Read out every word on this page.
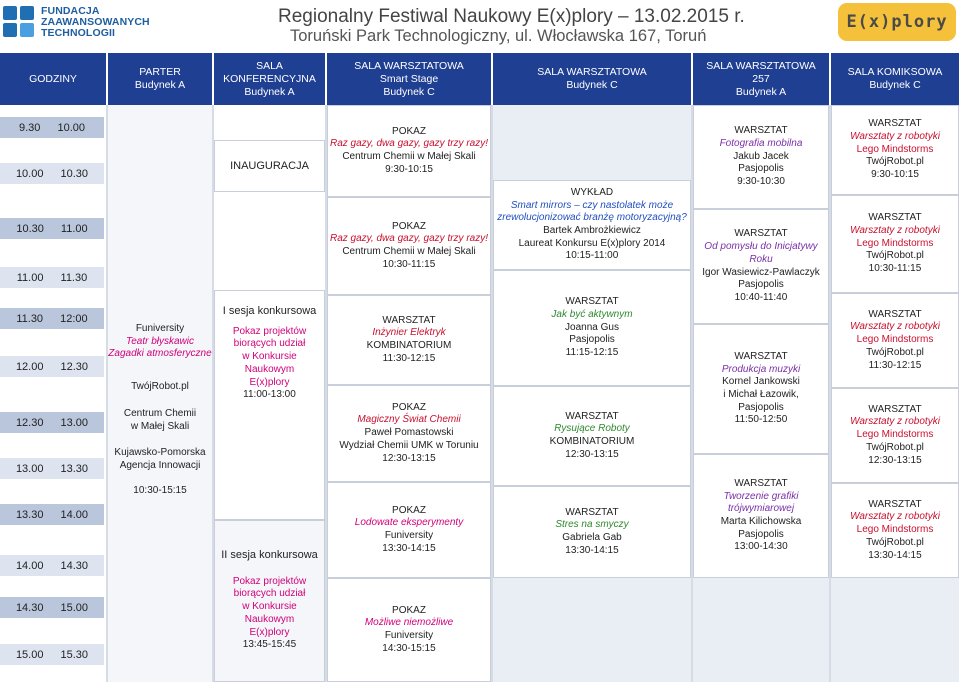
FUNDACJA
ZAAWANSOWANYCH
TECHNOLOGII
Regionalny Festiwal Naukowy E(x)plory – 13.02.2015 r.
Toruński Park Technologiczny, ul. Włocławska 167, Toruń
E(x)plory
GODZINY
PARTER
Budynek A
SALA KONFERENCYJNA
Budynek A
SALA WARSZTATOWA
Smart Stage
Budynek C
SALA WARSZTATOWA
Budynek C
SALA WARSZTATOWA
257
Budynek A
SALA KOMIKSOWA
Budynek C
9.30 10.00
10.00 10.30
10.30 11.00
11.00 11.30
11.30 12:00
12.00 12.30
12.30 13.00
13.00 13.30
13.30 14.00
14.00 14.30
14.30 15.00
15.00 15.30
Funiversity
Teatr błyskawic
Zagadki atmosferyczne
TwójRobot.pl
Centrum Chemii
w Małej Skali
Kujawsko-Pomorska
Agencja Innowacji
10:30-15:15
INAUGURACJA
I sesja konkursowa
Pokaz projektów
biorących udział
w Konkursie
Naukowym
E(x)plory
11:00-13:00
II sesja konkursowa
Pokaz projektów
biorących udział
w Konkursie
Naukowym
E(x)plory
13:45-15:45
POKAZ
Raz gazy, dwa gazy, gazy trzy razy!
Centrum Chemii w Małej Skali
9:30-10:15
POKAZ
Raz gazy, dwa gazy, gazy trzy razy!
Centrum Chemii w Małej Skali
10:30-11:15
WARSZTAT
Inżynier Elektryk
KOMBINATORIUM
11:30-12:15
POKAZ
Magiczny Świat Chemii
Paweł Pomastowski
Wydział Chemii UMK w Toruniu
12:30-13:15
POKAZ
Lodowate eksperymenty
Funiversity
13:30-14:15
POKAZ
Możliwe niemożliwe
Funiversity
14:30-15:15
WYKŁAD
Smart mirrors – czy nastolatek może
zrewolucjonizować branżę motoryzacyjną?
Bartek Ambrożkiewicz
Laureat Konkursu E(x)plory 2014
10:15-11:00
WARSZTAT
Jak być aktywnym
Joanna Gus
Pasjopolis
11:15-12:15
WARSZTAT
Rysujące Roboty
KOMBINATORIUM
12:30-13:15
WARSZTAT
Stres na smyczy
Gabriela Gab
13:30-14:15
WARSZTAT
Fotografia mobilna
Jakub Jacek
Pasjopolis
9:30-10:30
WARSZTAT
Od pomysłu do Inicjatywy
Roku
Igor Wasiewicz-Pawlaczyk
Pasjopolis
10:40-11:40
WARSZTAT
Produkcja muzyki
Kornel Jankowski
i Michał Łazowik,
Pasjopolis
11:50-12:50
WARSZTAT
Tworzenie grafiki
trójwymiarowej
Marta Kilichowska
Pasjopolis
13:00-14:30
WARSZTAT
Warsztaty z robotyki
Lego Mindstorms
TwójRobot.pl
9:30-10:15
WARSZTAT
Warsztaty z robotyki
Lego Mindstorms
TwójRobot.pl
10:30-11:15
WARSZTAT
Warsztaty z robotyki
Lego Mindstorms
TwójRobot.pl
11:30-12:15
WARSZTAT
Warsztaty z robotyki
Lego Mindstorms
TwójRobot.pl
12:30-13:15
WARSZTAT
Warsztaty z robotyki
Lego Mindstorms
TwójRobot.pl
13:30-14:15
